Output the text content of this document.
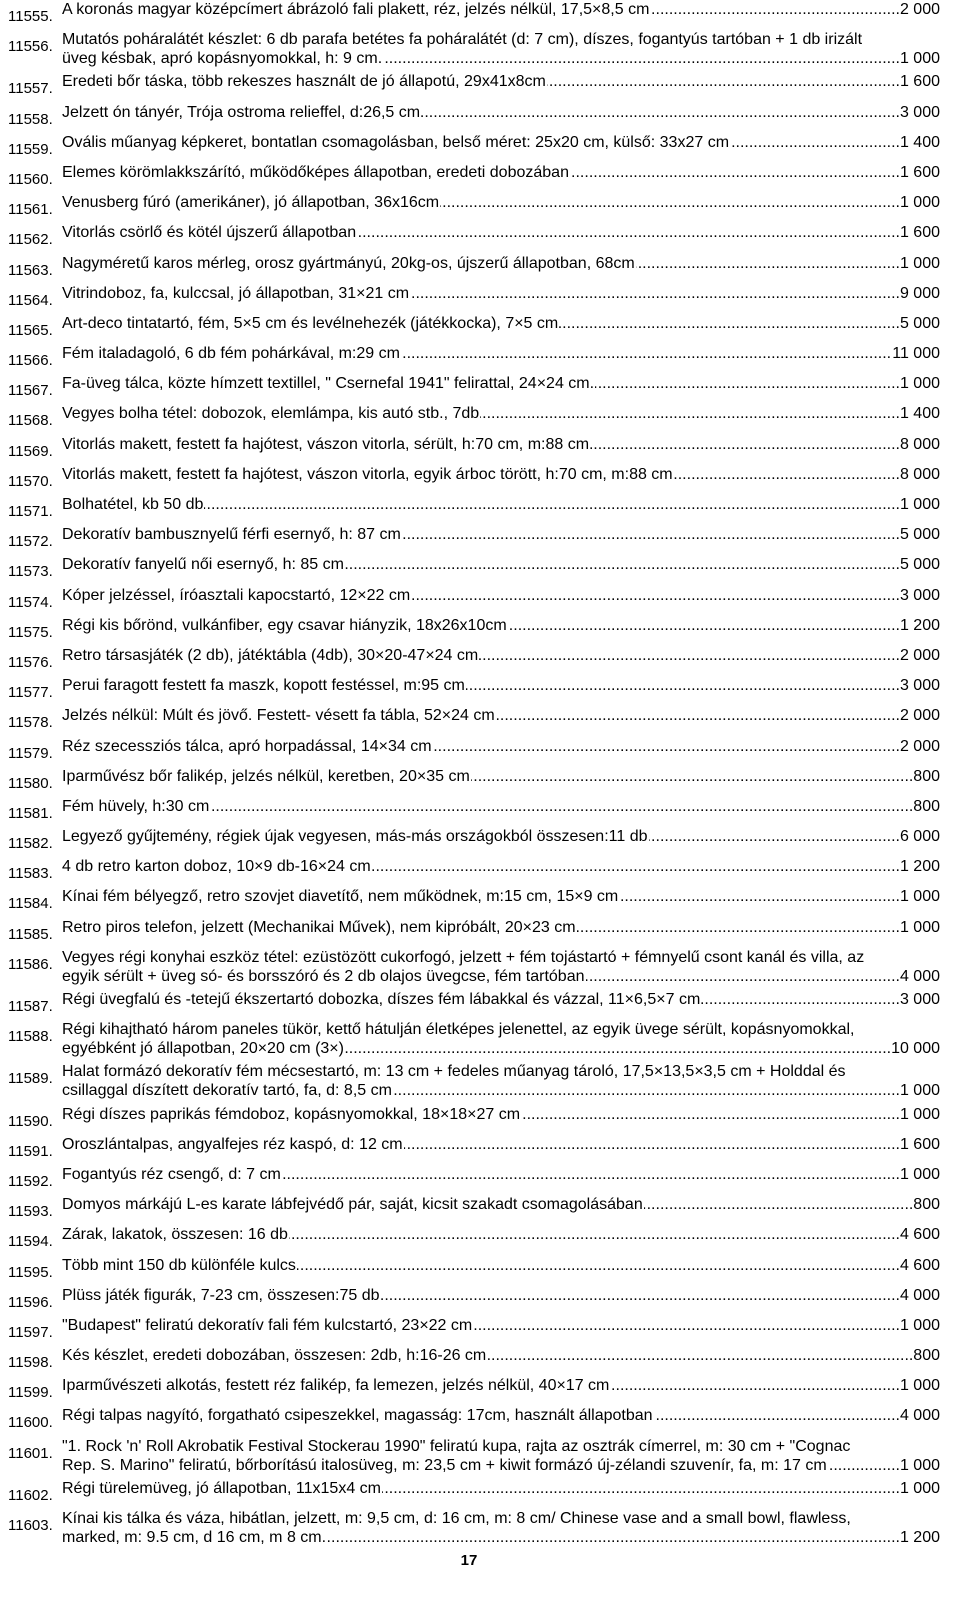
11555. ..... A koronás magyar középcímert ábrázoló fali plakett, réz, jelzés nélkül, 17,5×8,5 cm	2 000
11556.
..... Mutatós poháralátét készlet: 6 db parafa betétes fa poháralátét (d: 7 cm), díszes, fogantyús tartóban + 1 db irizált üveg késbak, apró kopásnyomokkal, h: 9 cm.	1 000
11557. ..... Eredeti bőr táska, több rekeszes használt de jó állapotú, 29x41x8cm	1 600
11558. ..... Jelzett ón tányér, Trója ostroma relieffel, d:26,5 cm	3 000
11559. ..... Ovális műanyag képkeret, bontatlan csomagolásban, belső méret: 25x20 cm, külső: 33x27 cm	1 400
11560. ..... Elemes körömlakkszárító, működőképes állapotban, eredeti dobozában	1 600
11561. ..... Venusberg fúró (amerikáner), jó állapotban, 36x16cm	1 000
11562. ..... Vitorlás csörlő és kötél újszerű állapotban	1 600
11563. ..... Nagyméretű karos mérleg, orosz gyártmányú, 20kg-os, újszerű állapotban, 68cm	1 000
11564. ..... Vitrindoboz, fa, kulccsal, jó állapotban, 31×21 cm	9 000
11565. ..... Art-deco tintatartó, fém, 5×5 cm és levélnehezék (játékkocka), 7×5 cm	5 000
11566. ..... Fém italadagoló, 6 db fém pohárkával, m:29 cm	11 000
11567. ..... Fa-üveg tálca, közte hímzett textillel, " Csernefal 1941" felirattal, 24×24 cm.	1 000
11568. ..... Vegyes bolha tétel: dobozok, elemlámpa, kis autó stb., 7db	1 400
11569. ..... Vitorlás makett, festett fa hajótest, vászon vitorla, sérült, h:70 cm, m:88 cm.	8 000
11570. ..... Vitorlás makett, festett fa hajótest, vászon vitorla, egyik árboc törött, h:70 cm, m:88 cm	8 000
11571. ..... Bolhatétel, kb 50 db	1 000
11572. ..... Dekoratív bambusznyelű férfi esernyő, h: 87 cm	5 000
11573. ..... Dekoratív fanyelű női esernyő, h: 85 cm	5 000
11574. ..... Kóper jelzéssel, íróasztali kapocstartó, 12×22 cm	3 000
11575. ..... Régi kis bőrönd, vulkánfiber, egy csavar hiányzik, 18x26x10cm	1 200
11576. ..... Retro társasjáték (2 db), játéktábla (4db), 30×20-47×24 cm	2 000
11577. ..... Perui faragott festett fa maszk, kopott festéssel, m:95 cm	3 000
11578. ..... Jelzés nélkül: Múlt és jövő. Festett- vésett fa tábla, 52×24 cm	2 000
11579. ..... Réz szecessziós tálca, apró horpadással, 14×34 cm	2 000
11580. ..... Iparművész bőr falikép, jelzés nélkül, keretben, 20×35 cm	800
11581. ..... Fém hüvely, h:30 cm	800
11582. ..... Legyező gyűjtemény, régiek újak vegyesen, más-más országokból összesen:11 db	6 000
11583. ..... 4 db retro karton doboz, 10×9 db-16×24 cm	1 200
11584. ..... Kínai fém bélyegző, retro szovjet diavetítő, nem működnek, m:15 cm, 15×9 cm	1 000
11585. ..... Retro piros telefon, jelzett (Mechanikai Művek), nem kipróbált, 20×23 cm	1 000
11586.
..... Vegyes régi konyhai eszköz tétel: ezüstözött cukorfogó, jelzett + fém tojástartó + fémnyelű csont kanál és villa, az egyik sérült + üveg só- és borsszóró és 2 db olajos üvegcse, fém tartóban	4 000
11587. ..... Régi üvegfalú és -tetejű ékszertartó dobozka, díszes fém lábakkal és vázzal, 11×6,5×7 cm	3 000
11588.
..... Régi kihajtható három paneles tükör, kettő hátulján életképes jelenettel, az egyik üvege sérült, kopásnyomokkal, egyébként jó állapotban, 20×20 cm (3×)	10 000
11589.
..... Halat formázó dekoratív fém mécsestartó, m: 13 cm + fedeles műanyag tároló, 17,5×13,5×3,5 cm + Holddal és csillaggal díszített dekoratív tartó, fa, d: 8,5 cm	1 000
11590. ..... Régi díszes paprikás fémdoboz, kopásnyomokkal, 18×18×27 cm	1 000
11591. ..... Oroszlántalpas, angyalfejes réz kaspó, d: 12 cm	1 600
11592. ..... Fogantyús réz csengő, d: 7 cm	1 000
11593. ..... Domyos márkájú L-es karate lábfejvédő pár, saját, kicsit szakadt csomagolásában	800
11594. ..... Zárak, lakatok, összesen: 16 db	4 600
11595. ..... Több mint 150 db különféle kulcs	4 600
11596. ..... Plüss játék figurák, 7-23 cm, összesen:75 db	4 000
11597. ..... "Budapest" feliratú dekoratív fali fém kulcstartó, 23×22 cm	1 000
11598. ..... Kés készlet, eredeti dobozában, összesen: 2db, h:16-26 cm	800
11599. ..... Iparművészeti alkotás, festett réz falikép, fa lemezen, jelzés nélkül, 40×17 cm	1 000
11600. ..... Régi talpas nagyító, forgatható csipeszekkel, magasság: 17cm, használt állapotban	4 000
11601.
..... "1. Rock 'n' Roll Akrobatik Festival Stockerau 1990" feliratú kupa, rajta az osztrák címerrel, m: 30 cm + "Cognac Rep. S. Marino" feliratú, bőrborítású italosüveg, m: 23,5 cm + kiwit formázó új-zélandi szuvenír, fa, m: 17 cm	1 000
11602. ..... Régi türelemüveg, jó állapotban, 11x15x4 cm	1 000
11603.
..... Kínai kis tálka és váza, hibátlan, jelzett, m: 9,5 cm, d: 16 cm, m: 8 cm/ Chinese vase and a small bowl, flawless, marked, m: 9.5 cm, d 16 cm, m 8 cm.	1 200
17
